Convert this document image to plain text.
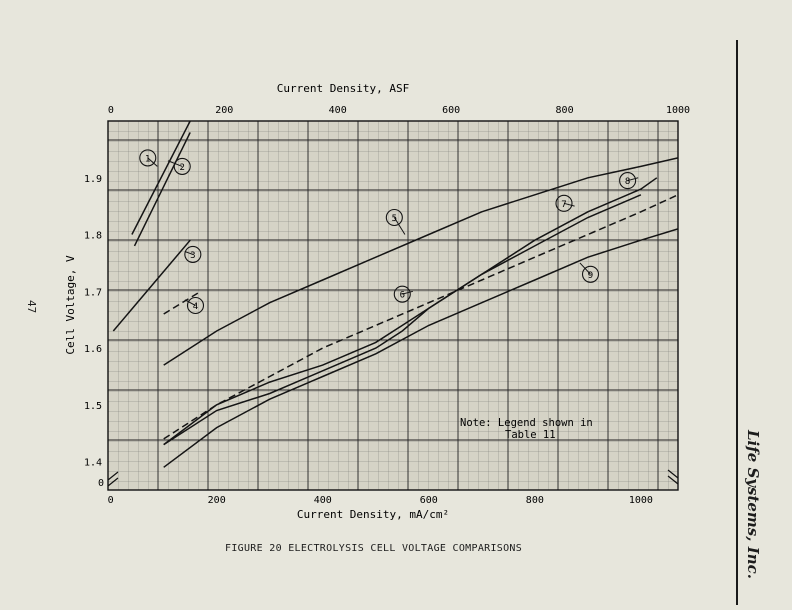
47
0	200	400	600	800	1000
0	200	400	600	800	1000
1.4
1.5
1.6
1.7
1.8
1.9
0
1
2
3
4
5
6
7
8
9
Current Density, ASF
Current Density, mA/cm²
Cell Voltage, V
Note: Legend shown in
Table 11
FIGURE 20 ELECTROLYSIS CELL VOLTAGE COMPARISONS	Life Systems, Inc.
